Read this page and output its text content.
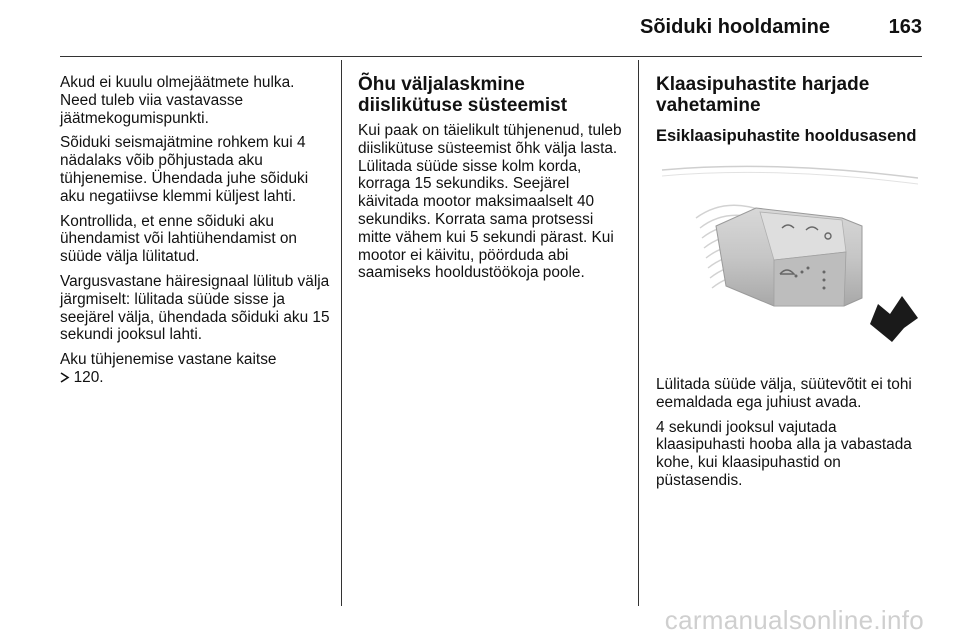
Sõiduki hooldamine	163

Akud ei kuulu olmejäätmete hulka. Need tuleb viia vastavasse jäätmekogumispunkti.

Sõiduki seismajätmine rohkem kui 4 nädalaks võib põhjustada aku tühjenemise. Ühendada juhe sõiduki aku negatiivse klemmi küljest lahti.

Kontrollida, et enne sõiduki aku ühendamist või lahtiühendamist on süüde välja lülitatud.

Vargusvastane häiresignaal lülitub välja järgmiselt: lülitada süüde sisse ja seejärel välja, ühendada sõiduki aku 15 sekundi jooksul lahti.

Aku tühjenemise vastane kaitse

120.

Õhu väljalaskmine diislikütuse süsteemist

Kui paak on täielikult tühjenenud, tuleb diislikütuse süsteemist õhk välja lasta. Lülitada süüde sisse kolm korda, korraga 15 sekundiks. Seejärel käivitada mootor maksimaalselt 40 sekundiks. Korrata sama protsessi mitte vähem kui 5 sekundi pärast. Kui mootor ei käivitu, pöörduda abi saamiseks hooldustöökoja poole.

Klaasipuhastite harjade vahetamine
Esiklaasipuhastite hooldusasend

Lülitada süüde välja, süütevõtit ei tohi eemaldada ega juhiust avada.

4 sekundi jooksul vajutada klaasipuhasti hooba alla ja vabastada kohe, kui klaasipuhastid on püstasendis.

carmanualsonline.info
